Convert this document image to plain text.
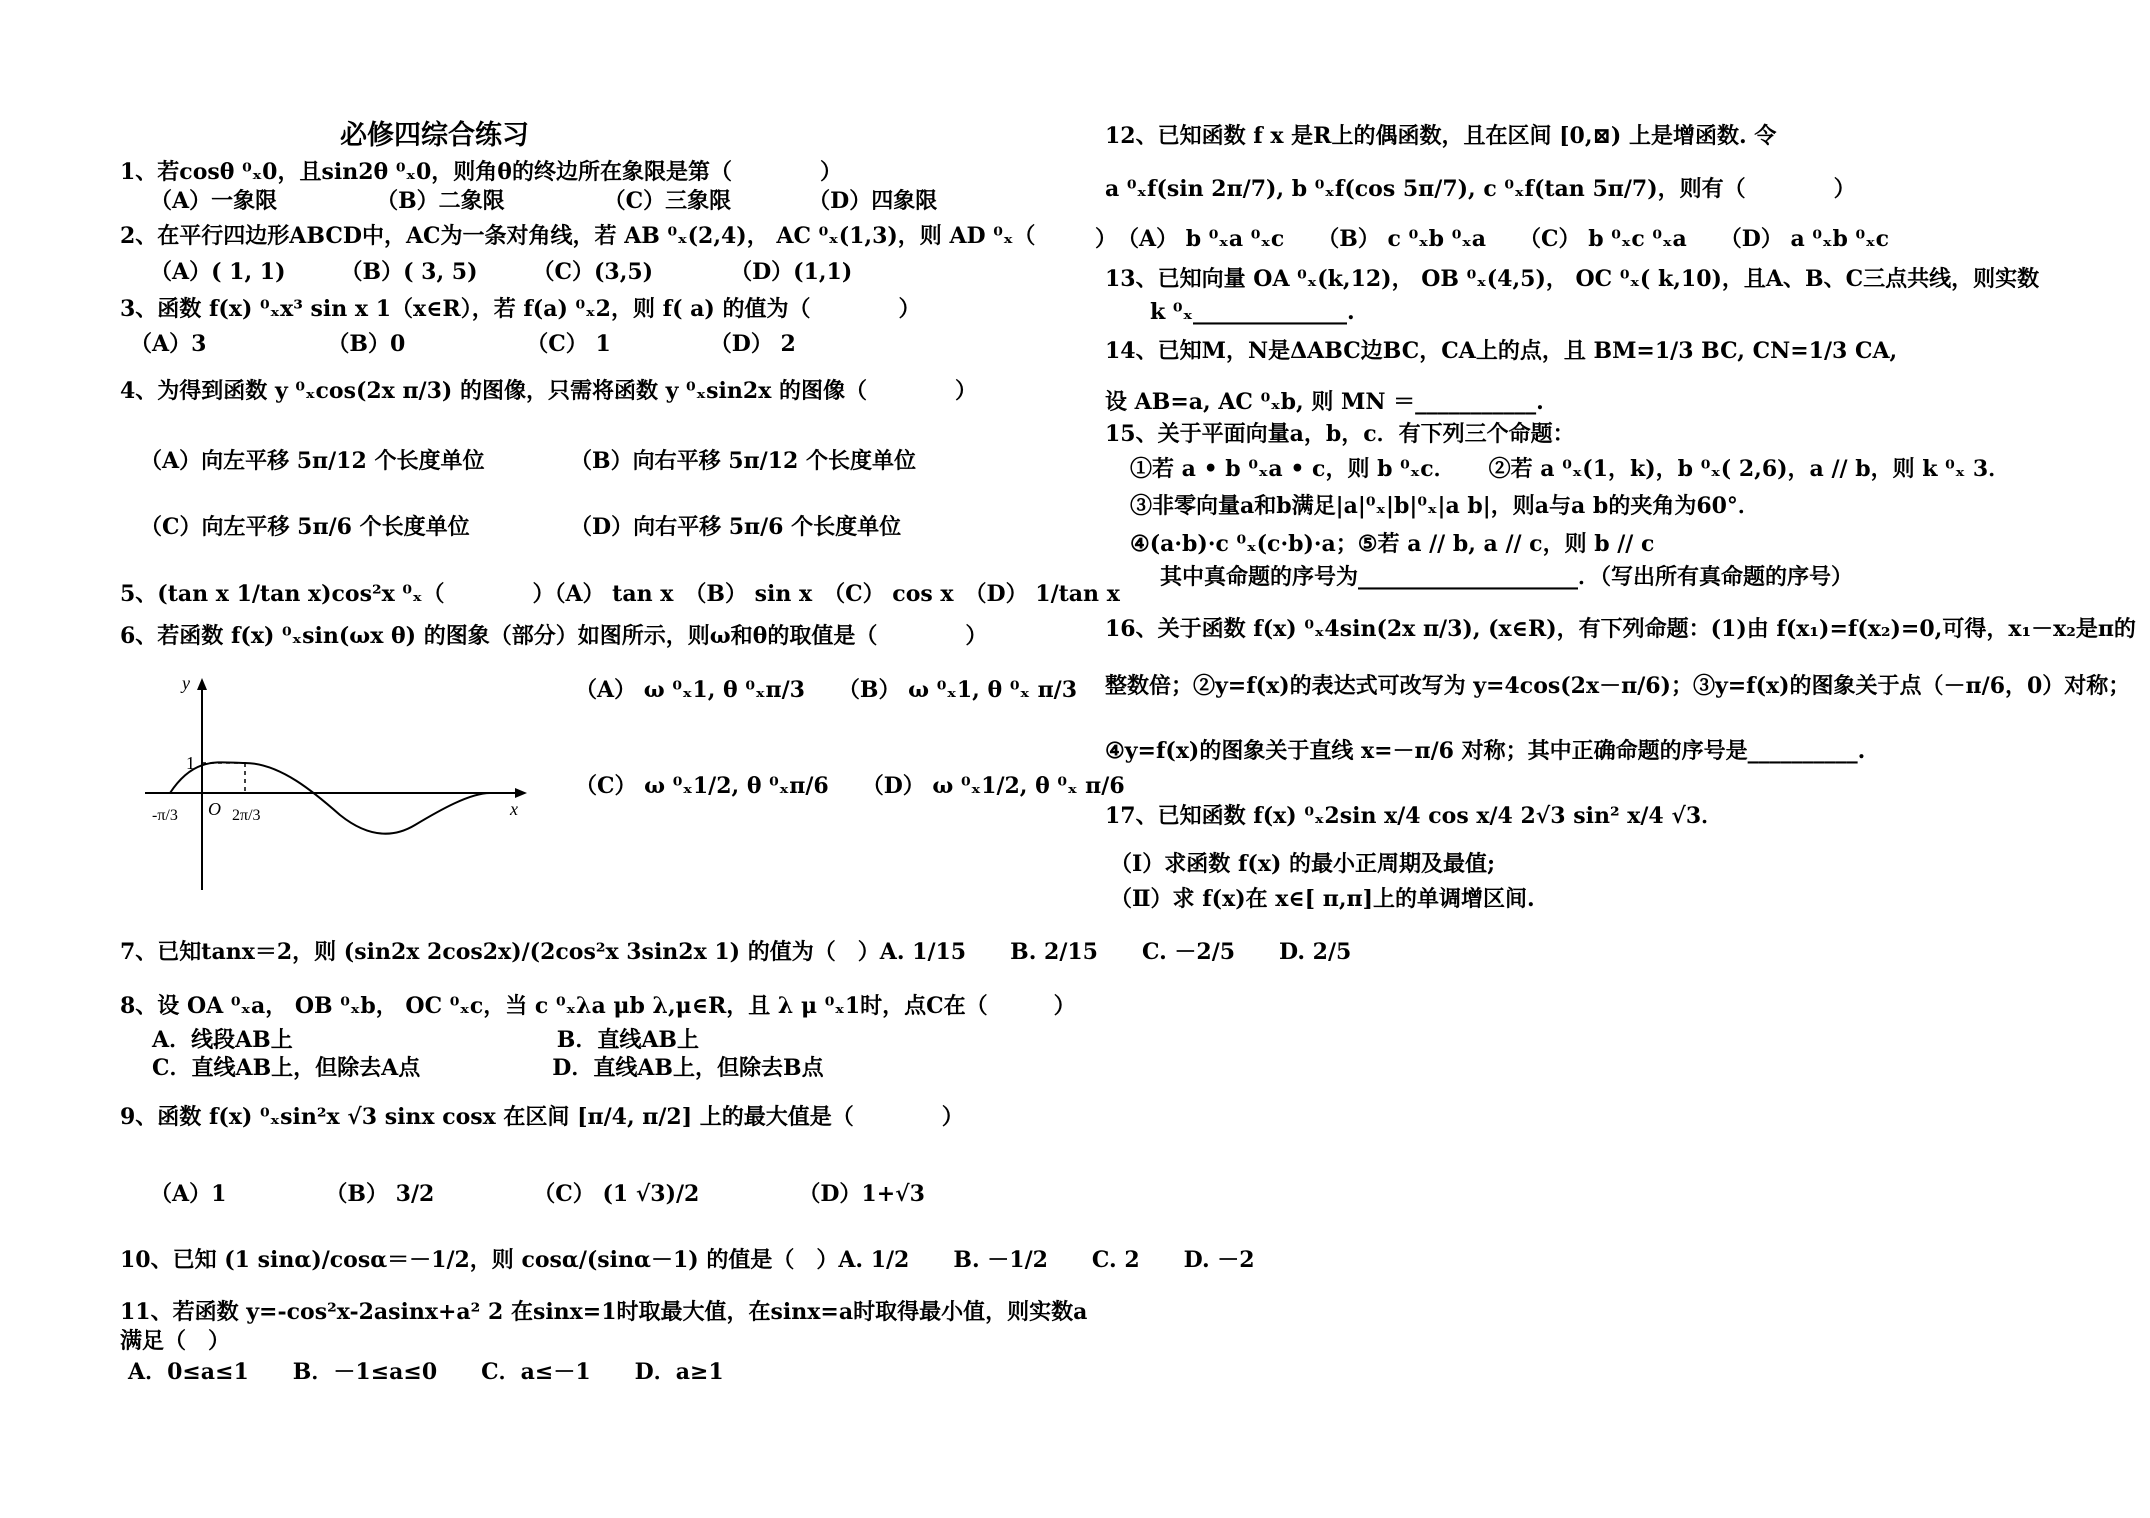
必修四综合练习
1、若cosθ ⁰ₓ0，且sin2θ ⁰ₓ0，则角θ的终边所在象限是第（　　　　）
（A）一象限　　　　　（B）二象限　　　　　（C）三象限　　　　（D）四象限
2、在平行四边形ABCD中，AC为一条对角线，若 AB ⁰ₓ(2,4)， AC ⁰ₓ(1,3)，则 AD ⁰ₓ（
（A）( 1, 1)　　　（B）( 3, 5)　　　（C）(3,5)　　　　（D）(1,1)
3、函数 f(x) ⁰ₓx³ sin x 1（x∈R），若 f(a) ⁰ₓ2，则 f( a) 的值为（　　　　）
（A）3　　　　　　（B）0　　　　　　（C） 1　　　　　（D） 2
4、为得到函数 y ⁰ₓcos(2x π/3) 的图像，只需将函数 y ⁰ₓsin2x 的图像（　　　　）
（A）向左平移 5π/12 个长度单位	（B）向右平移 5π/12 个长度单位
（C）向左平移 5π/6 个长度单位	（D）向右平移 5π/6 个长度单位
5、(tan x 1/tan x)cos²x ⁰ₓ（　　　　）（A） tan x　（B） sin x　（C） cos x　（D） 1/tan x
6、若函数 f(x) ⁰ₓsin(ωx θ) 的图象（部分）如图所示，则ω和θ的取值是（　　　　）
（A） ω ⁰ₓ1, θ ⁰ₓπ/3　　（B） ω ⁰ₓ1, θ ⁰ₓ π/3
（C） ω ⁰ₓ1/2, θ ⁰ₓπ/6　　（D） ω ⁰ₓ1/2, θ ⁰ₓ π/6
y
x
1
O
-π/3	2π/3
7、已知tanx＝2，则 (sin2x 2cos2x)/(2cos²x 3sin2x 1) 的值为（　）A. 1/15　　B. 2/15　　C. －2/5　　D. 2/5
8、设 OA ⁰ₓa， OB ⁰ₓb， OC ⁰ₓc，当 c ⁰ₓλa μb λ,μ∈R，且 λ μ ⁰ₓ1时，点C在（　　　）
A．线段AB上　　　　　　　　　　　　B．直线AB上
C．直线AB上，但除去A点　　　　　　D．直线AB上，但除去B点
9、函数 f(x) ⁰ₓsin²x √3 sinx cosx 在区间 [π/4, π/2] 上的最大值是（　　　　）
（A）1　　　　　（B） 3/2　　　　　（C） (1 √3)/2　　　　　（D）1+√3
10、已知 (1 sinα)/cosα＝－1/2，则 cosα/(sinα－1) 的值是（　）A. 1/2　　B. －1/2　　C. 2　　D. －2
11、若函数 y=-cos²x-2asinx+a² 2 在sinx=1时取最大值，在sinx=a时取得最小值，则实数a
满足（　）
A．0≤a≤1　　B．－1≤a≤0　　C．a≤－1　　D．a≥1
12、已知函数 f x 是R上的偶函数，且在区间 [0,⊠) 上是增函数. 令
a ⁰ₓf(sin 2π/7), b ⁰ₓf(cos 5π/7), c ⁰ₓf(tan 5π/7)，则有（　　　　）
）　（A） b ⁰ₓa ⁰ₓc　　（B） c ⁰ₓb ⁰ₓa　　（C） b ⁰ₓc ⁰ₓa　　（D） a ⁰ₓb ⁰ₓc
13、已知向量 OA ⁰ₓ(k,12)， OB ⁰ₓ(4,5)， OC ⁰ₓ( k,10)，且A、B、C三点共线，则实数
k ⁰ₓ______________.
14、已知M，N是ΔABC边BC，CA上的点，且 BM=1/3 BC, CN=1/3 CA,
设 AB=a, AC ⁰ₓb, 则 MN ＝___________.
15、关于平面向量a，b，c．有下列三个命题：
①若 a • b ⁰ₓa • c，则 b ⁰ₓc．　　②若 a ⁰ₓ(1，k)，b ⁰ₓ( 2,6)，a // b，则 k ⁰ₓ 3．
③非零向量a和b满足|a|⁰ₓ|b|⁰ₓ|a b|，则a与a b的夹角为60°．
④(a·b)·c ⁰ₓ(c·b)·a；⑤若 a // b, a // c，则 b // c
其中真命题的序号为____________________．（写出所有真命题的序号）
16、关于函数 f(x) ⁰ₓ4sin(2x π/3), (x∈R)，有下列命题：(1)由 f(x₁)=f(x₂)=0,可得，x₁－x₂是π的
整数倍；②y=f(x)的表达式可改写为 y=4cos(2x－π/6)；③y=f(x)的图象关于点（－π/6，0）对称；
④y=f(x)的图象关于直线 x=－π/6 对称；其中正确命题的序号是__________.
17、已知函数 f(x) ⁰ₓ2sin x/4 cos x/4 2√3 sin² x/4 √3．
（Ⅰ）求函数 f(x) 的最小正周期及最值;
（Ⅱ）求 f(x)在 x∈[ π,π]上的单调增区间.
